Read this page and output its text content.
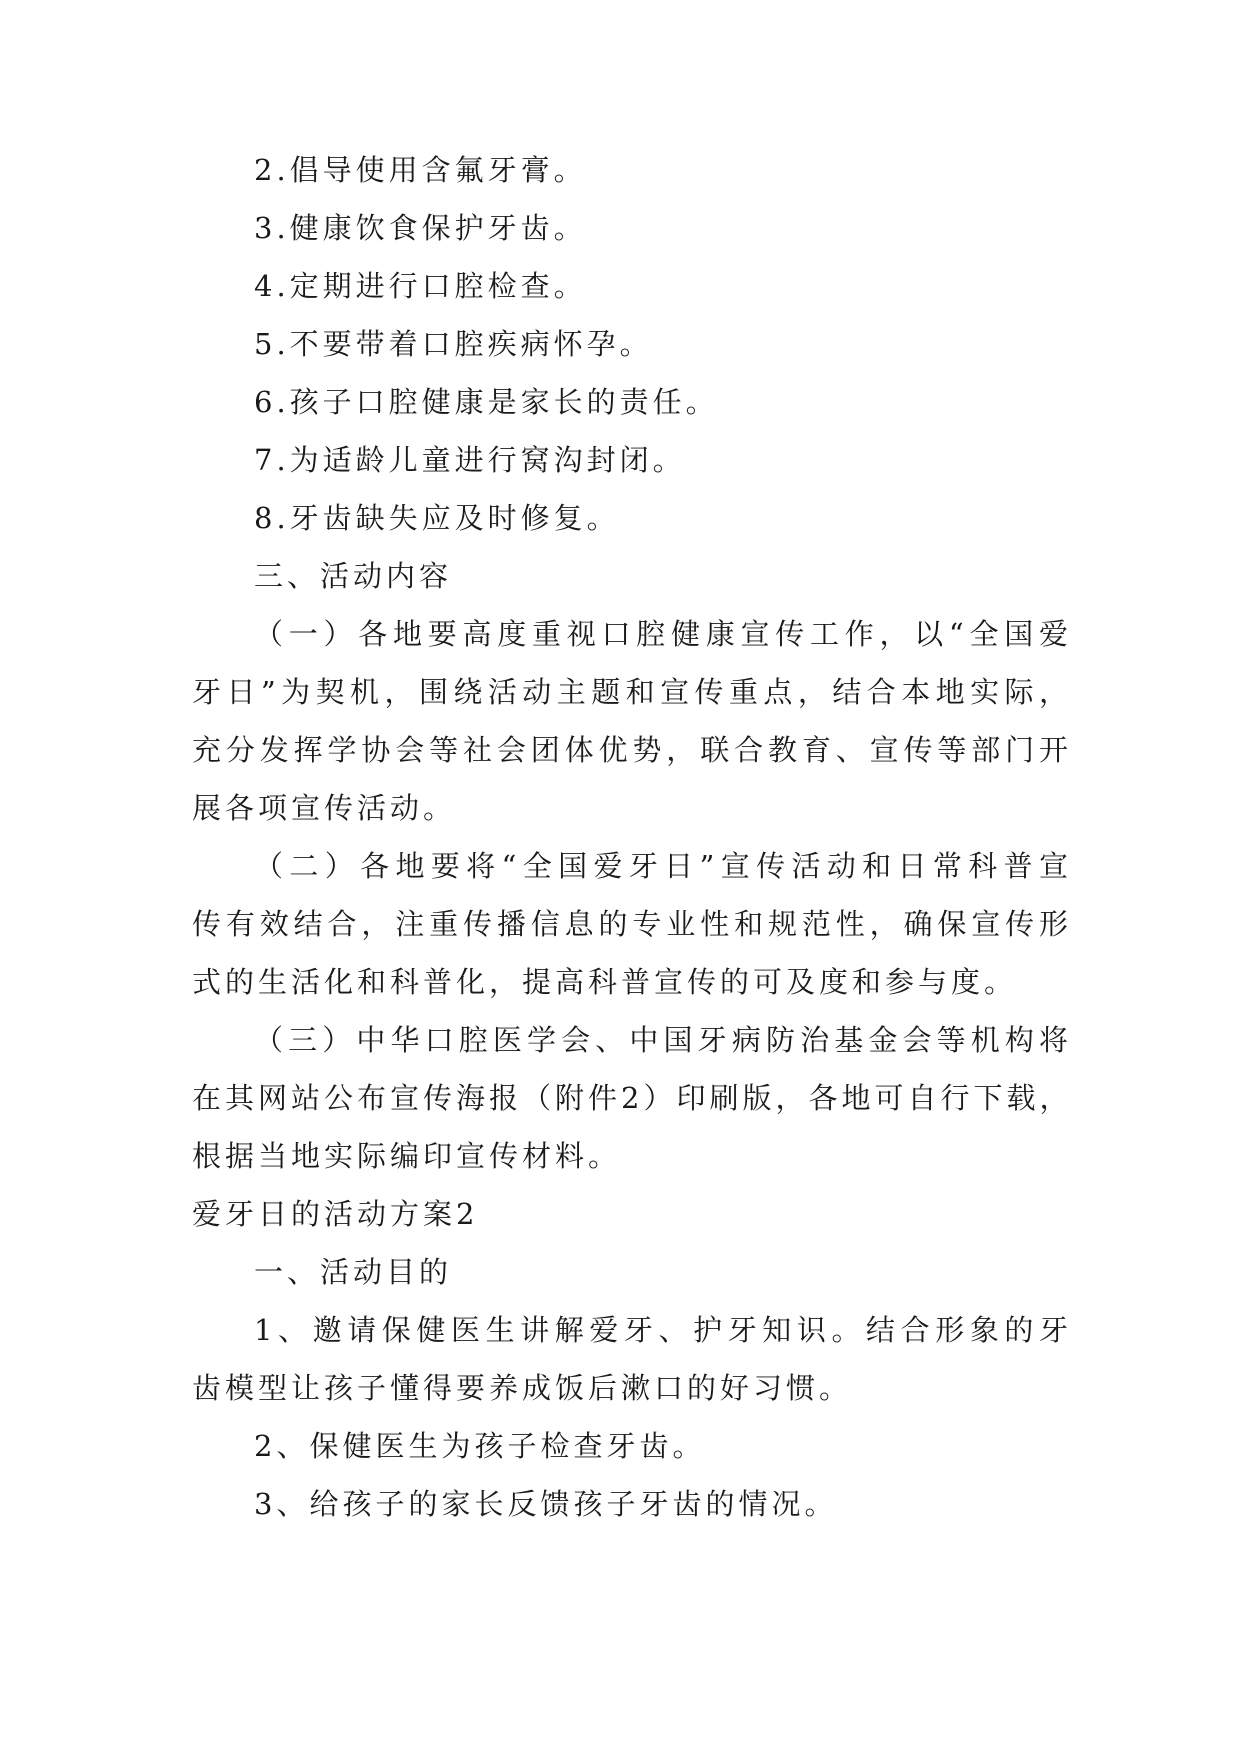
2.倡导使用含氟牙膏。
3.健康饮食保护牙齿。
4.定期进行口腔检查。
5.不要带着口腔疾病怀孕。
6.孩子口腔健康是家长的责任。
7.为适龄儿童进行窝沟封闭。
8.牙齿缺失应及时修复。
三、活动内容
（一）各地要高度重视口腔健康宣传工作，以“全国爱
牙日”为契机，围绕活动主题和宣传重点，结合本地实际，
充分发挥学协会等社会团体优势，联合教育、宣传等部门开
展各项宣传活动。
（二）各地要将“全国爱牙日”宣传活动和日常科普宣
传有效结合，注重传播信息的专业性和规范性，确保宣传形
式的生活化和科普化，提高科普宣传的可及度和参与度。
（三）中华口腔医学会、中国牙病防治基金会等机构将
在其网站公布宣传海报（附件2）印刷版，各地可自行下载，
根据当地实际编印宣传材料。
爱牙日的活动方案2
一、活动目的
1、邀请保健医生讲解爱牙、护牙知识。结合形象的牙
齿模型让孩子懂得要养成饭后漱口的好习惯。
2、保健医生为孩子检查牙齿。
3、给孩子的家长反馈孩子牙齿的情况。
